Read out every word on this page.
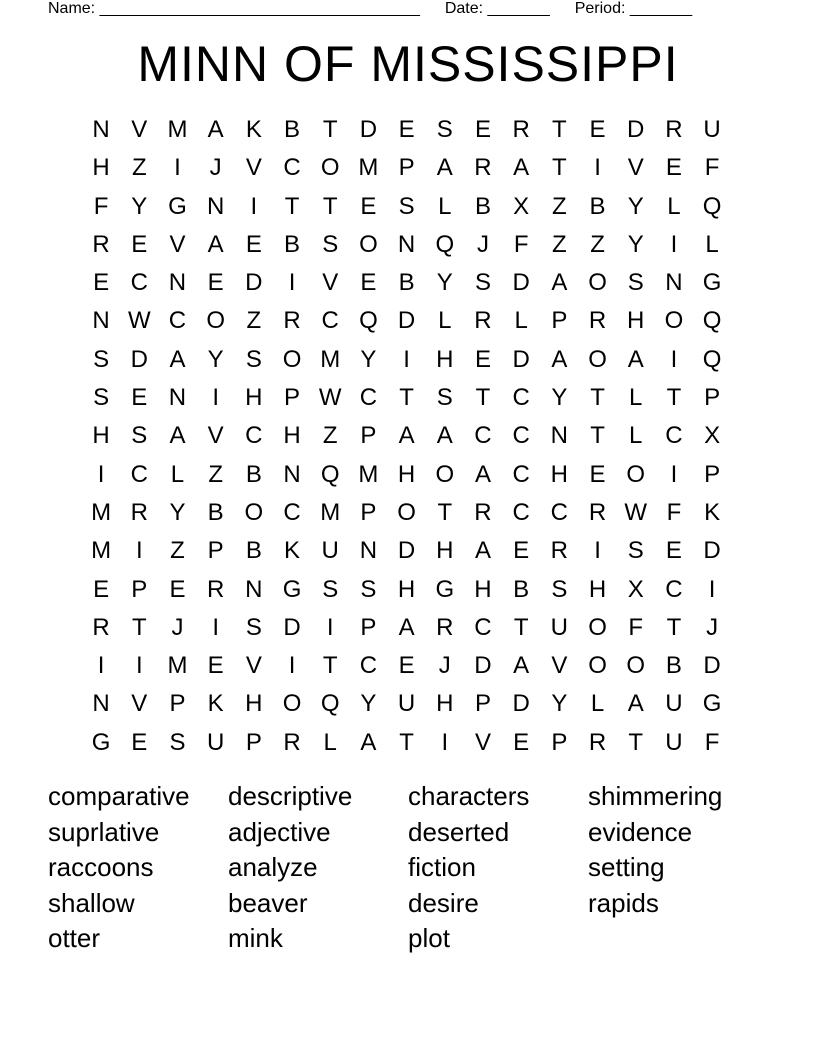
Name: ____________________________________ Date: _______ Period: _______
MINN OF MISSISSIPPI
N V M A K B T D E S E R T E D R U
H Z	I	J	V C O M P A R A T	I	V E F
F Y G N	I	T T E S L B X Z B Y L Q
R E V A E B S O N Q J	F Z Z Y	I	L
E C N E D	I	V E B Y S D A O S N G
N W C O Z R C Q D L R L P R H O Q
S D A Y S O M Y	I	H E D A O A	I	Q
S E N	I	H P W C T S T C Y T	L	T P
H S A V C H Z P A A C C N T	L C X
I	C L	Z B N Q M H O A C H E O	I	P
M R Y B O C M P O T R C C R W F K
M	I	Z P B K U N D H A E R	I	S E D
E P E R N G S S H G H B S H X C	I
R T	J	I	S D	I	P A R C T U O F T	J
I	I	M E V	I	T C E	J D A V O O B D
N V P K H O Q Y U H P D Y L A U G
G E S U P R L A T	I	V E P R T U F
comparative	descriptive	characters	shimmering
suprlative	adjective	deserted	evidence
raccoons	analyze	fiction	setting
shallow	beaver	desire	rapids
otter	mink	plot
